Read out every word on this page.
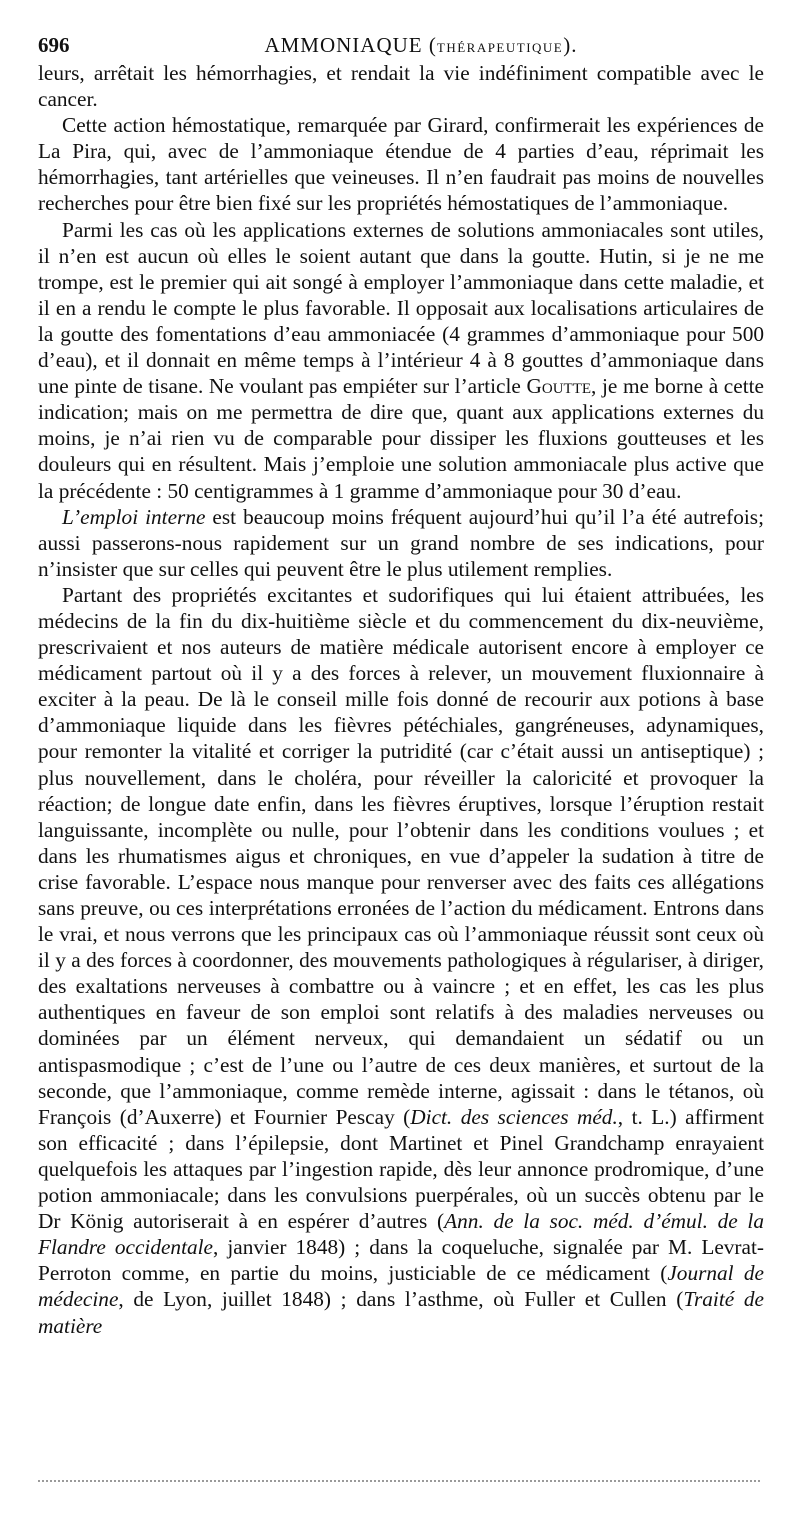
696	AMMONIAQUE (THÉRAPEUTIQUE).

leurs, arrêtait les hémorrhagies, et rendait la vie indéfiniment compatible avec le cancer.

Cette action hémostatique, remarquée par Girard, confirmerait les expériences de La Pira, qui, avec de l’ammoniaque étendue de 4 parties d’eau, réprimait les hémorrhagies, tant artérielles que veineuses. Il n’en faudrait pas moins de nouvelles recherches pour être bien fixé sur les propriétés hémostatiques de l’ammoniaque.

Parmi les cas où les applications externes de solutions ammoniacales sont utiles, il n’en est aucun où elles le soient autant que dans la goutte. Hutin, si je ne me trompe, est le premier qui ait songé à employer l’ammoniaque dans cette maladie, et il en a rendu le compte le plus favorable. Il opposait aux localisations articulaires de la goutte des fomentations d’eau ammoniacée (4 grammes d’ammoniaque pour 500 d’eau), et il donnait en même temps à l’intérieur 4 à 8 gouttes d’ammoniaque dans une pinte de tisane. Ne voulant pas empiéter sur l’article Goutte, je me borne à cette indication; mais on me permettra de dire que, quant aux applications externes du moins, je n’ai rien vu de comparable pour dissiper les fluxions goutteuses et les douleurs qui en résultent. Mais j’emploie une solution ammoniacale plus active que la précédente : 50 centigrammes à 1 gramme d’ammoniaque pour 30 d’eau.

L’emploi interne est beaucoup moins fréquent aujourd’hui qu’il l’a été autrefois; aussi passerons-nous rapidement sur un grand nombre de ses indications, pour n’insister que sur celles qui peuvent être le plus utilement remplies.

Partant des propriétés excitantes et sudorifiques qui lui étaient attribuées, les médecins de la fin du dix-huitième siècle et du commencement du dix-neuvième, prescrivaient et nos auteurs de matière médicale autorisent encore à employer ce médicament partout où il y a des forces à relever, un mouvement fluxionnaire à exciter à la peau. De là le conseil mille fois donné de recourir aux potions à base d’ammoniaque liquide dans les fièvres pétéchiales, gangréneuses, adynamiques, pour remonter la vitalité et corriger la putridité (car c’était aussi un antiseptique) ; plus nouvellement, dans le choléra, pour réveiller la caloricité et provoquer la réaction; de longue date enfin, dans les fièvres éruptives, lorsque l’éruption restait languissante, incomplète ou nulle, pour l’obtenir dans les conditions voulues ; et dans les rhumatismes aigus et chroniques, en vue d’appeler la sudation à titre de crise favorable. L’espace nous manque pour renverser avec des faits ces allégations sans preuve, ou ces interprétations erronées de l’action du médicament. Entrons dans le vrai, et nous verrons que les principaux cas où l’ammoniaque réussit sont ceux où il y a des forces à coordonner, des mouvements pathologiques à régulariser, à diriger, des exaltations nerveuses à combattre ou à vaincre ; et en effet, les cas les plus authentiques en faveur de son emploi sont relatifs à des maladies nerveuses ou dominées par un élément nerveux, qui demandaient un sédatif ou un antispasmodique ; c’est de l’une ou l’autre de ces deux manières, et surtout de la seconde, que l’ammoniaque, comme remède interne, agissait : dans le tétanos, où François (d’Auxerre) et Fournier Pescay (Dict. des sciences méd., t. L.) affirment son efficacité ; dans l’épilepsie, dont Martinet et Pinel Grandchamp enrayaient quelquefois les attaques par l’ingestion rapide, dès leur annonce prodromique, d’une potion ammoniacale; dans les convulsions puerpérales, où un succès obtenu par le Dr König autoriserait à en espérer d’autres (Ann. de la soc. méd. d’émul. de la Flandre occidentale, janvier 1848) ; dans la coqueluche, signalée par M. Levrat-Perroton comme, en partie du moins, justiciable de ce médicament (Journal de médecine, de Lyon, juillet 1848) ; dans l’asthme, où Fuller et Cullen (Traité de matière
